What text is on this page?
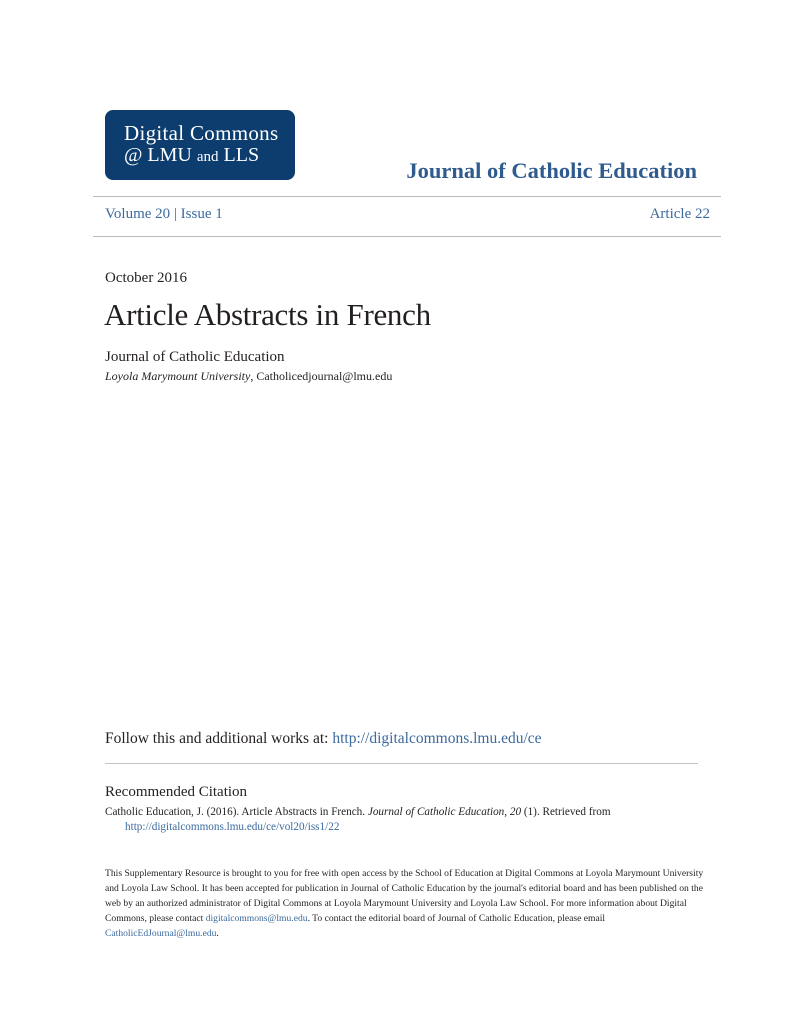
Digital Commons
@ LMU and LLS
Journal of Catholic Education
Volume 20 | Issue 1	Article 22
October 2016
Article Abstracts in French
Journal of Catholic Education
Loyola Marymount University, Catholicedjournal@lmu.edu
Follow this and additional works at: http://digitalcommons.lmu.edu/ce
Recommended Citation
Catholic Education, J. (2016). Article Abstracts in French. Journal of Catholic Education, 20 (1). Retrieved from
http://digitalcommons.lmu.edu/ce/vol20/iss1/22
This Supplementary Resource is brought to you for free with open access by the School of Education at Digital Commons at Loyola Marymount University and Loyola Law School. It has been accepted for publication in Journal of Catholic Education by the journal's editorial board and has been published on the web by an authorized administrator of Digital Commons at Loyola Marymount University and Loyola Law School. For more information about Digital Commons, please contact digitalcommons@lmu.edu. To contact the editorial board of Journal of Catholic Education, please email CatholicEdJournal@lmu.edu.
